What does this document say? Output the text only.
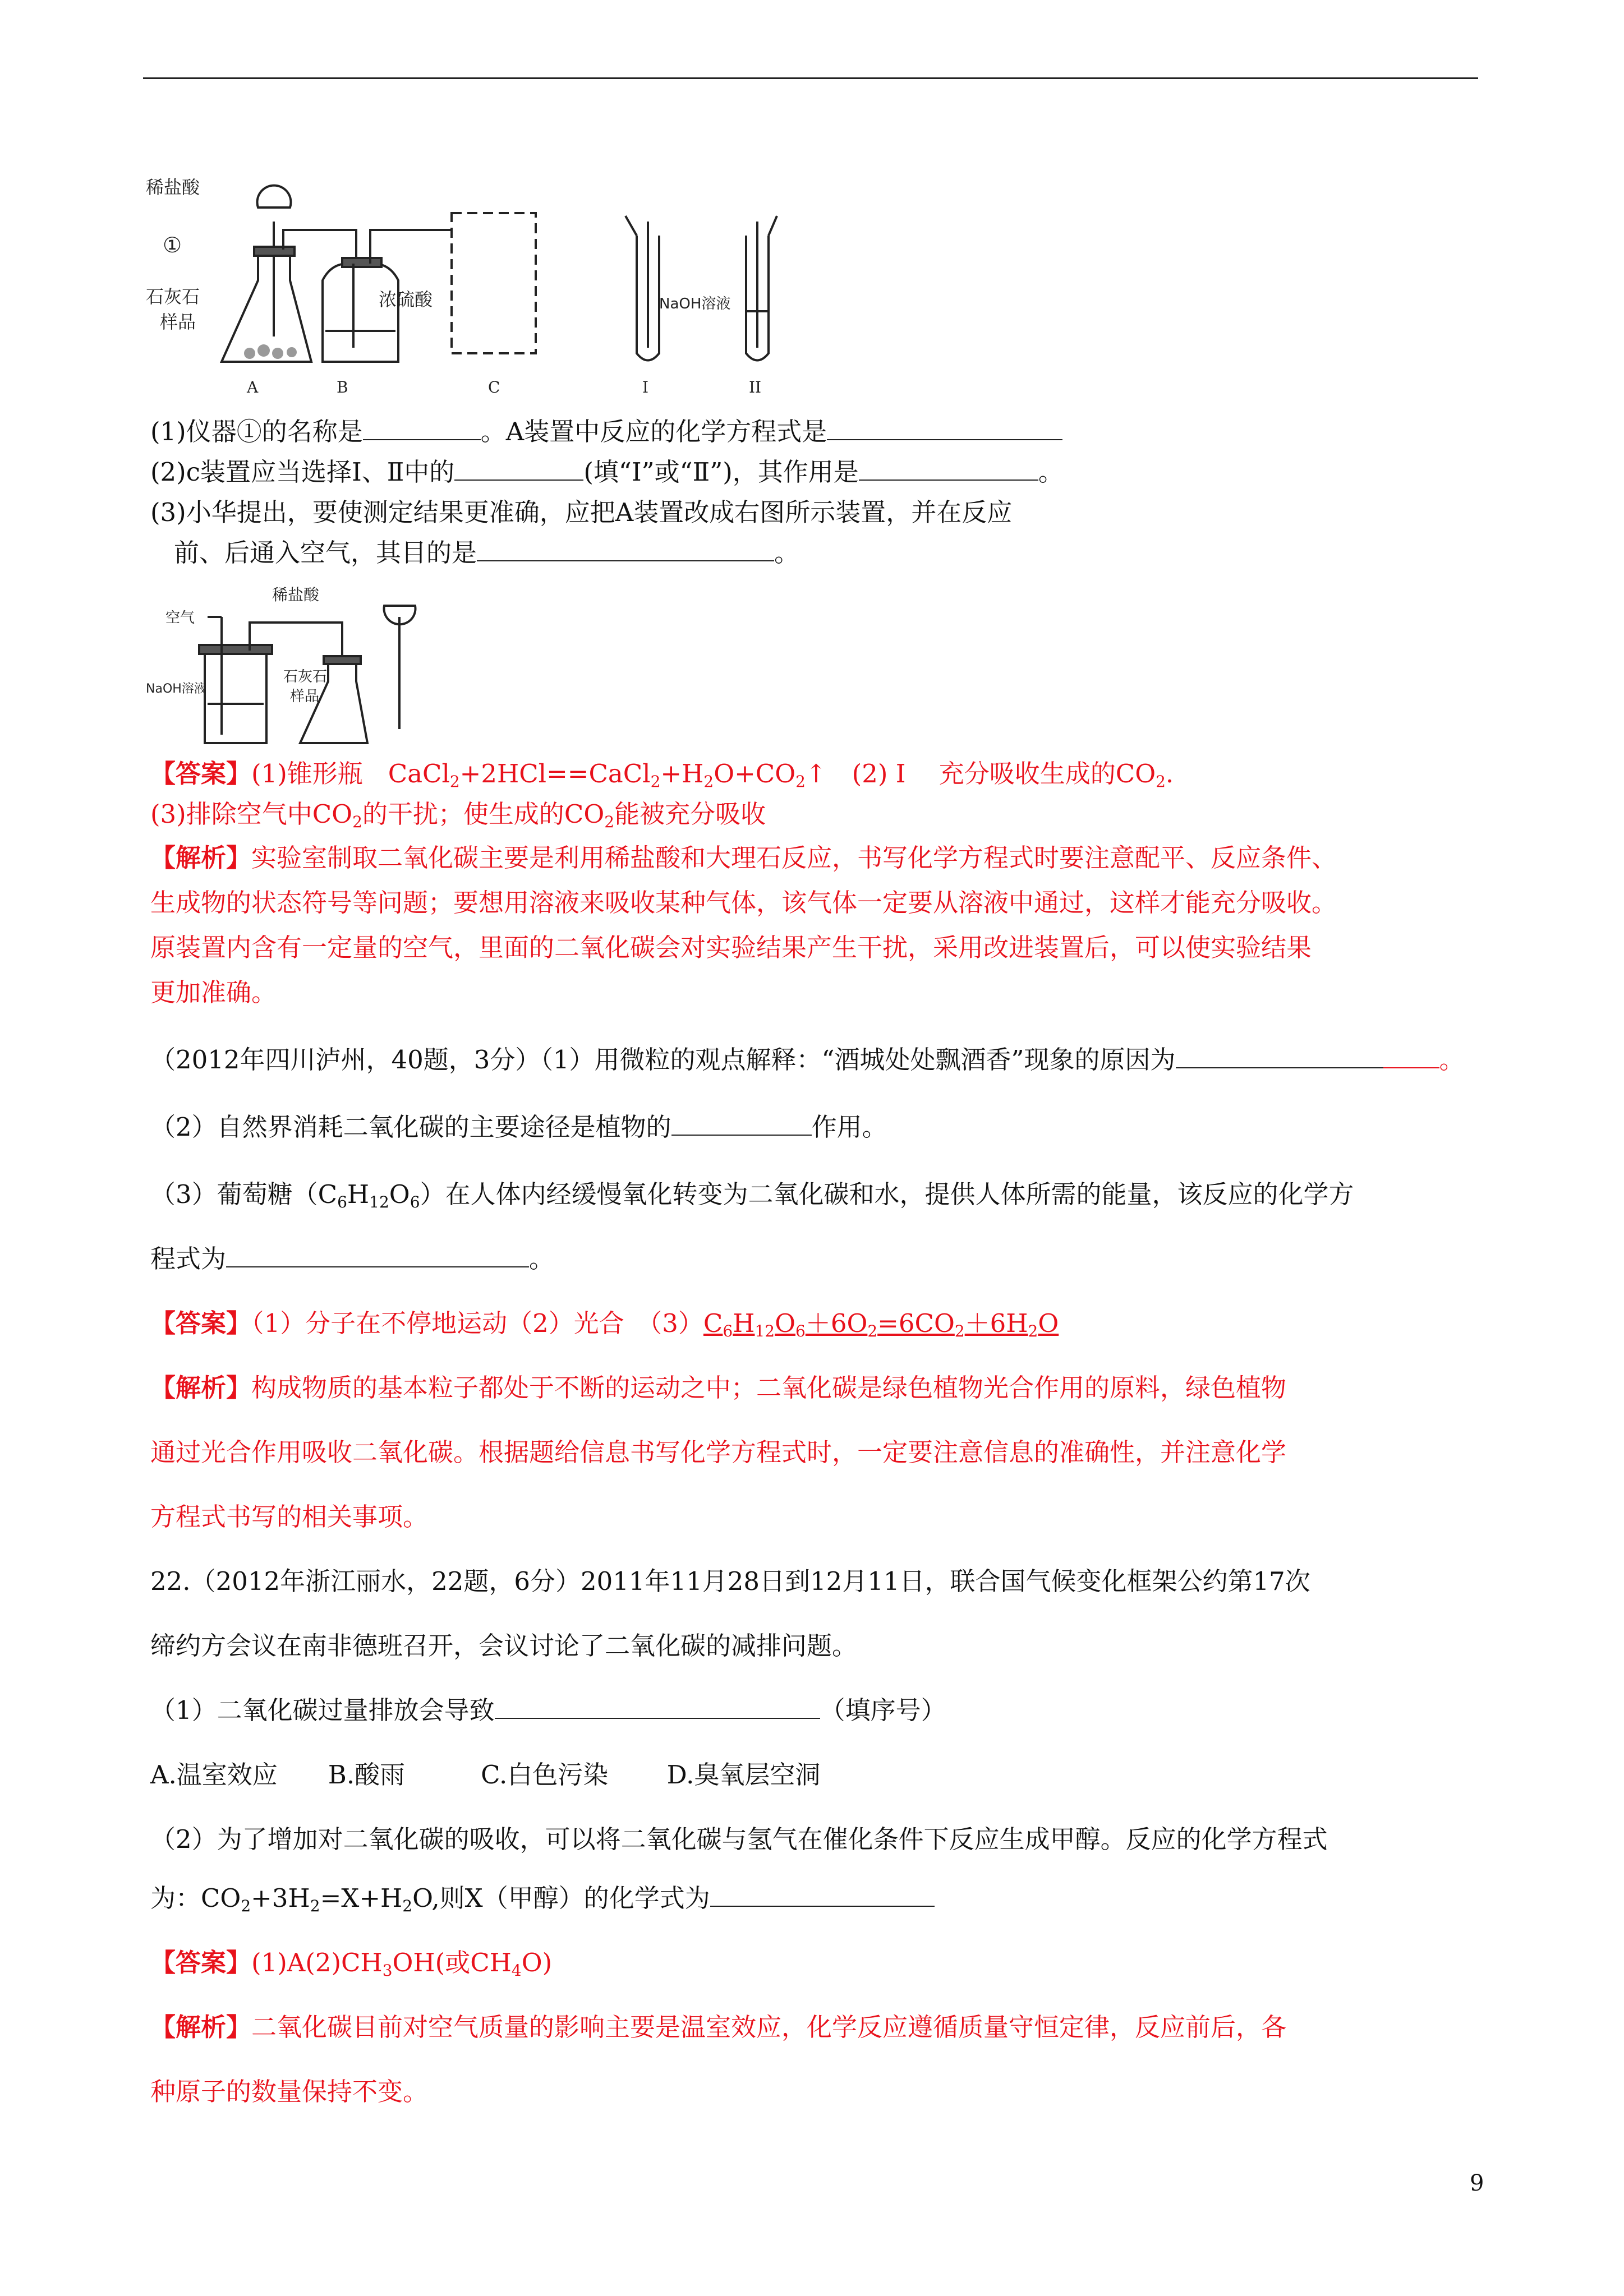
稀盐酸
①
石灰石
样品
浓硫酸	NaOH溶液
A	B	C	I	II
(1)仪器①的名称是	。A装置中反应的化学方程式是
(2)c装置应当选择Ⅰ、Ⅱ中的	(填“I”或“Ⅱ”)，其作用是	。
(3)小华提出，要使测定结果更准确，应把A装置改成右图所示装置，并在反应
前、后通入空气，其目的是	。
稀盐酸
空气
NaOH溶液
石灰石
样品
【答案】(1)锥形瓶　$CaCl_2+2HCl==CaCl_2+H_2O+CO_2↑$　(2) Ⅰ　 充分吸收生成的$CO_2$.
(3)排除空气中$CO_2$的干扰；使生成的$CO_2$能被充分吸收
【解析】实验室制取二氧化碳主要是利用稀盐酸和大理石反应，书写化学方程式时要注意配平、反应条件、
生成物的状态符号等问题；要想用溶液来吸收某种气体，该气体一定要从溶液中通过，这样才能充分吸收。
原装置内含有一定量的空气，里面的二氧化碳会对实验结果产生干扰，采用改进装置后，可以使实验结果
更加准确。
（2012年四川泸州，40题，3分）（1）用微粒的观点解释：“酒城处处飘酒香”现象的原因为	。
（2）自然界消耗二氧化碳的主要途径是植物的	作用。
（3）葡萄糖$(C_6H_{12}O_6)$在人体内经缓慢氧化转变为二氧化碳和水，提供人体所需的能量，该反应的化学方
程式为	。
【答案】（1）分子在不停地运动（2）光合　$(3)C_6H_{12}O_6+6O_2=6CO_2+6H_2O$
【解析】构成物质的基本粒子都处于不断的运动之中；二氧化碳是绿色植物光合作用的原料，绿色植物
通过光合作用吸收二氧化碳。根据题给信息书写化学方程式时，一定要注意信息的准确性，并注意化学
方程式书写的相关事项。
22.（2012年浙江丽水，22题，6分）2011年11月28日到12月11日，联合国气候变化框架公约第17次
缔约方会议在南非德班召开，会议讨论了二氧化碳的减排问题。
（1）二氧化碳过量排放会导致	（填序号）
A.温室效应　　B.酸雨　　　C.白色污染　　 D.臭氧层空洞
（2）为了增加对二氧化碳的吸收，可以将二氧化碳与氢气在催化条件下反应生成甲醇。反应的化学方程式
为：$CO_2+3H_2=X+H_2O$,则X（甲醇）的化学式为
【答案】$(1)A(2)CH_3OH$(或$CH_4O$)
【解析】二氧化碳目前对空气质量的影响主要是温室效应，化学反应遵循质量守恒定律，反应前后，各
种原子的数量保持不变。
9
